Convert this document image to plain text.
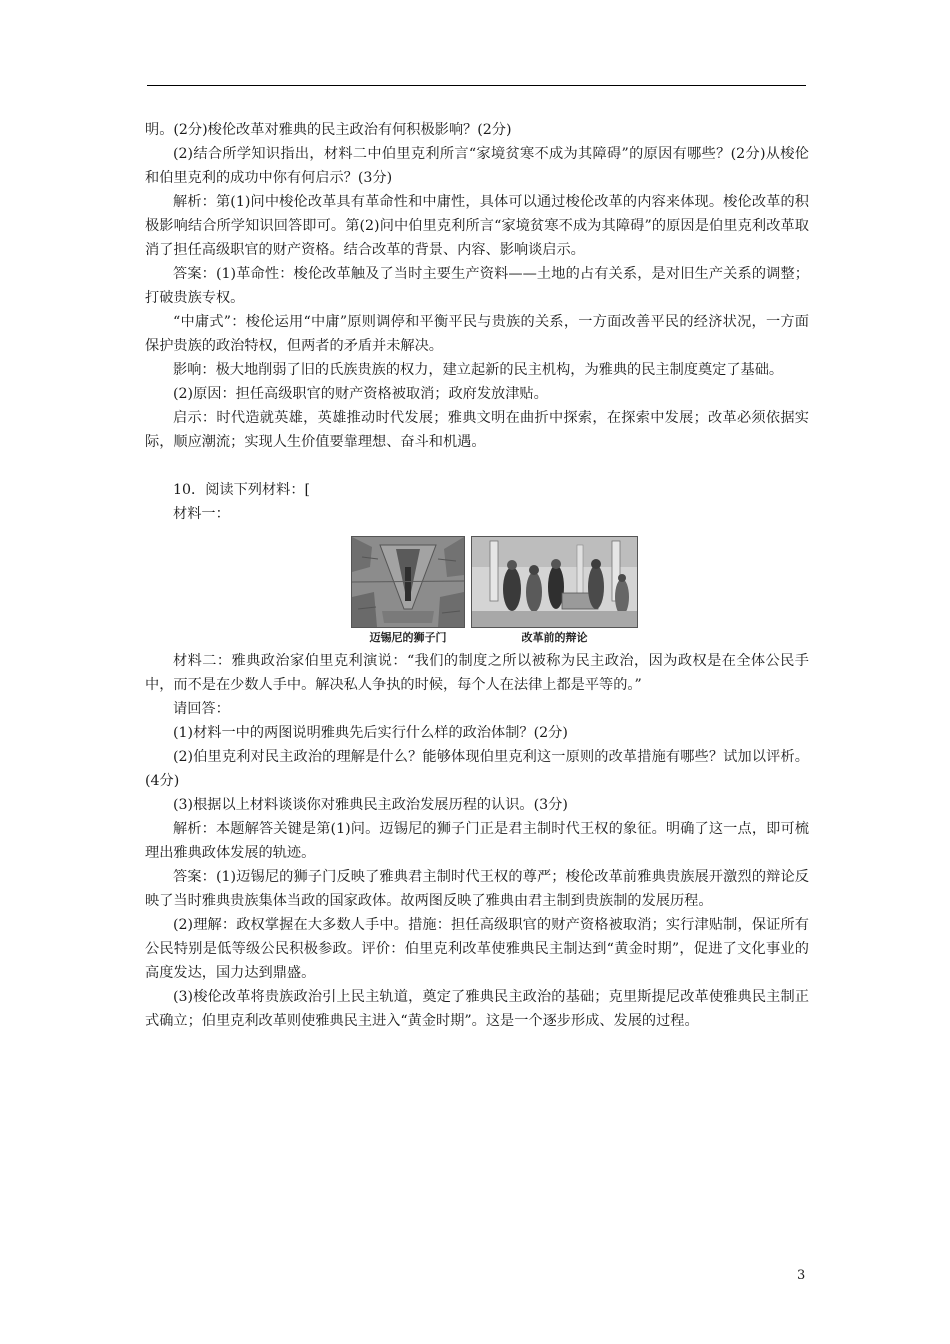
明。(2分)梭伦改革对雅典的民主政治有何积极影响？(2分)

(2)结合所学知识指出，材料二中伯里克利所言“家境贫寒不成为其障碍”的原因有哪些？(2分)从梭伦和伯里克利的成功中你有何启示？(3分)

解析：第(1)问中梭伦改革具有革命性和中庸性，具体可以通过梭伦改革的内容来体现。梭伦改革的积极影响结合所学知识回答即可。第(2)问中伯里克利所言“家境贫寒不成为其障碍”的原因是伯里克利改革取消了担任高级职官的财产资格。结合改革的背景、内容、影响谈启示。

答案：(1)革命性：梭伦改革触及了当时主要生产资料——土地的占有关系，是对旧生产关系的调整；打破贵族专权。

“中庸式”：梭伦运用“中庸”原则调停和平衡平民与贵族的关系，一方面改善平民的经济状况，一方面保护贵族的政治特权，但两者的矛盾并未解决。

影响：极大地削弱了旧的氏族贵族的权力，建立起新的民主机构，为雅典的民主制度奠定了基础。

(2)原因：担任高级职官的财产资格被取消；政府发放津贴。

启示：时代造就英雄，英雄推动时代发展；雅典文明在曲折中探索，在探索中发展；改革必须依据实际，顺应潮流；实现人生价值要靠理想、奋斗和机遇。

10．阅读下列材料：[

材料一：

迈锡尼的狮子门	改革前的辩论

材料二：雅典政治家伯里克利演说：“我们的制度之所以被称为民主政治，因为政权是在全体公民手中，而不是在少数人手中。解决私人争执的时候，每个人在法律上都是平等的。”

请回答：

(1)材料一中的两图说明雅典先后实行什么样的政治体制？(2分)

(2)伯里克利对民主政治的理解是什么？能够体现伯里克利这一原则的改革措施有哪些？试加以评析。(4分)

(3)根据以上材料谈谈你对雅典民主政治发展历程的认识。(3分)

解析：本题解答关键是第(1)问。迈锡尼的狮子门正是君主制时代王权的象征。明确了这一点，即可梳理出雅典政体发展的轨迹。

答案：(1)迈锡尼的狮子门反映了雅典君主制时代王权的尊严；梭伦改革前雅典贵族展开激烈的辩论反映了当时雅典贵族集体当政的国家政体。故两图反映了雅典由君主制到贵族制的发展历程。

(2)理解：政权掌握在大多数人手中。措施：担任高级职官的财产资格被取消；实行津贴制，保证所有公民特别是低等级公民积极参政。评价：伯里克利改革使雅典民主制达到“黄金时期”，促进了文化事业的高度发达，国力达到鼎盛。

(3)梭伦改革将贵族政治引上民主轨道，奠定了雅典民主政治的基础；克里斯提尼改革使雅典民主制正式确立；伯里克利改革则使雅典民主进入“黄金时期”。这是一个逐步形成、发展的过程。

3
